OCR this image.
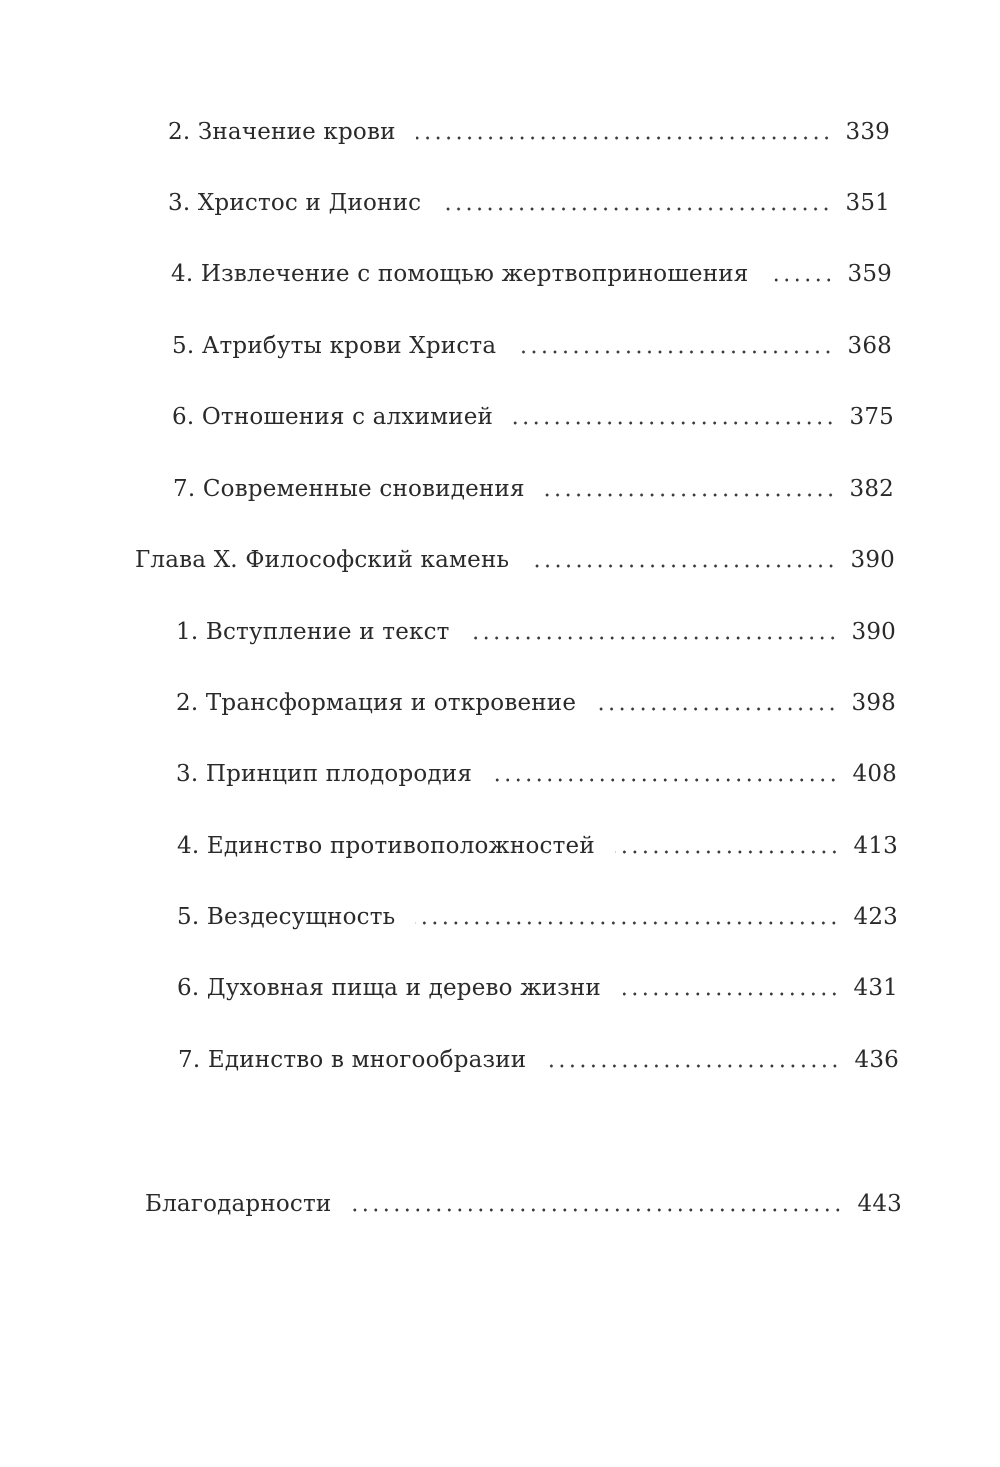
2. Значение крови	339
3. Христос и Дионис	351
4. Извлечение с помощью жертвоприношения	359
5. Атрибуты крови Христа	368
6. Отношения с алхимией	375
7. Современные сновидения	382
Глава X. Философский камень	390
1. Вступление и текст	390
2. Трансформация и откровение	398
3. Принцип плодородия	408
4. Единство противоположностей	413
5. Вездесущность	423
6. Духовная пища и дерево жизни	431
7. Единство в многообразии	436
Благодарности	443
